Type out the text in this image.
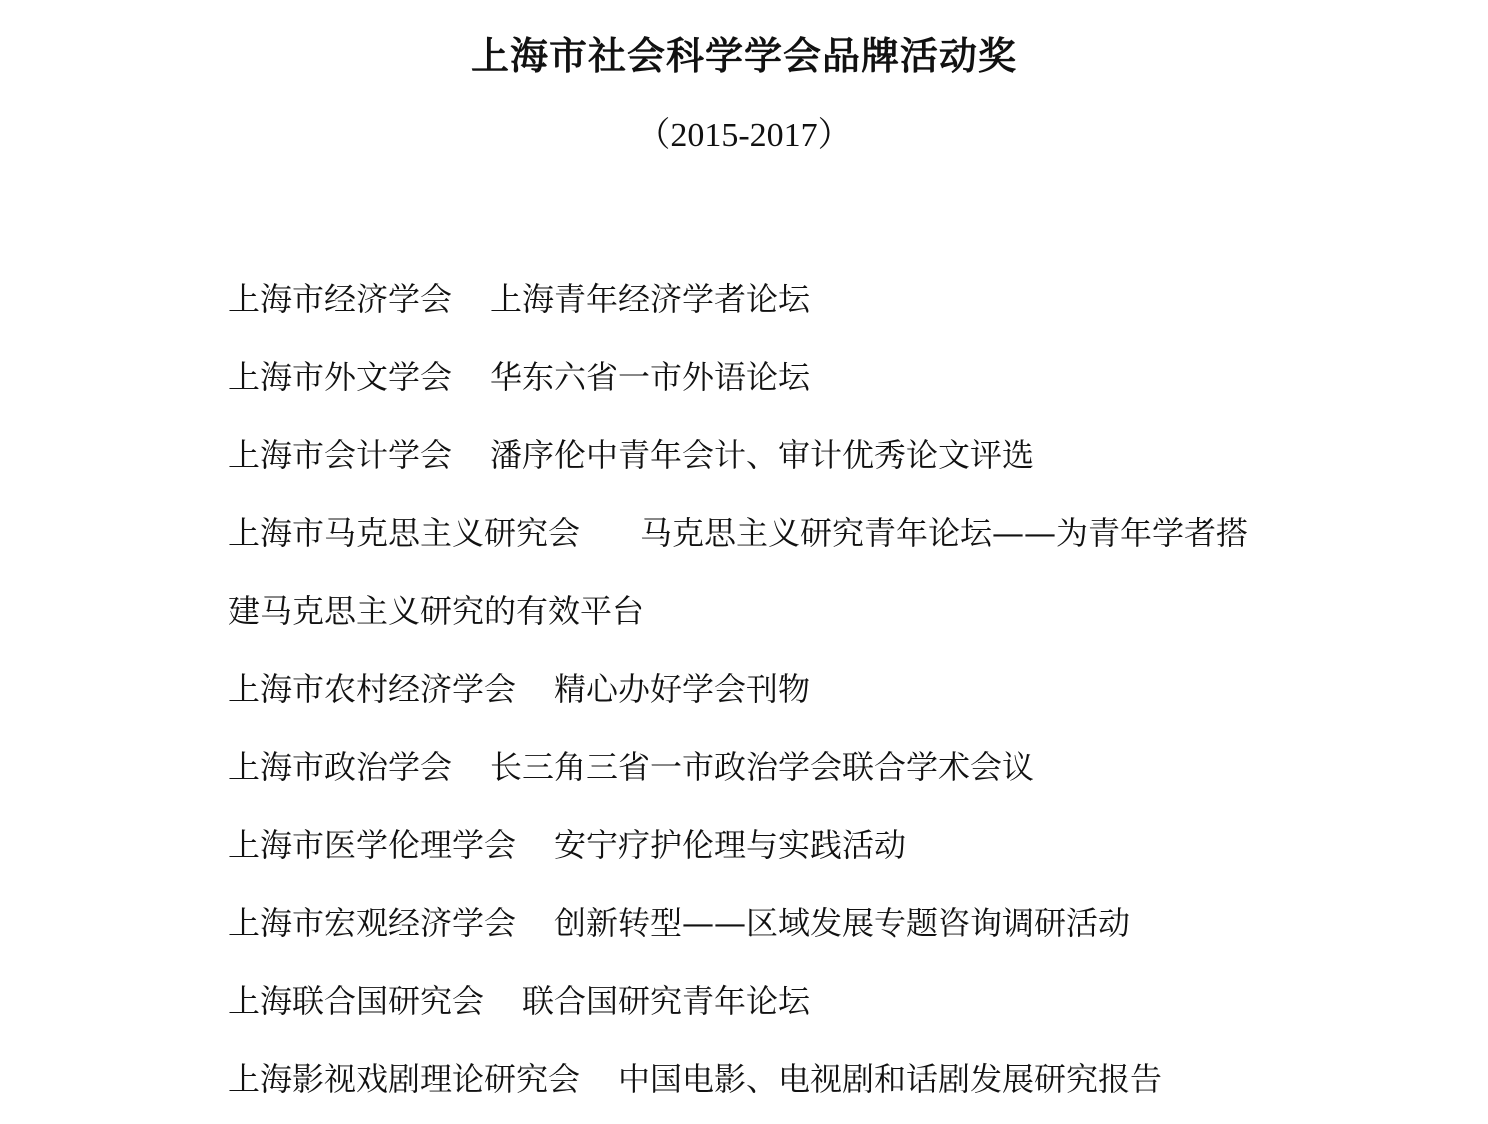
上海市社会科学学会品牌活动奖

（2015-2017）

上海市经济学会 上海青年经济学者论坛
上海市外文学会 华东六省一市外语论坛
上海市会计学会 潘序伦中青年会计、审计优秀论文评选
上海市马克思主义研究会 马克思主义研究青年论坛——为青年学者搭建马克思主义研究的有效平台
上海市农村经济学会 精心办好学会刊物
上海市政治学会 长三角三省一市政治学会联合学术会议
上海市医学伦理学会 安宁疗护伦理与实践活动
上海市宏观经济学会 创新转型——区域发展专题咨询调研活动
上海联合国研究会 联合国研究青年论坛
上海影视戏剧理论研究会 中国电影、电视剧和话剧发展研究报告
